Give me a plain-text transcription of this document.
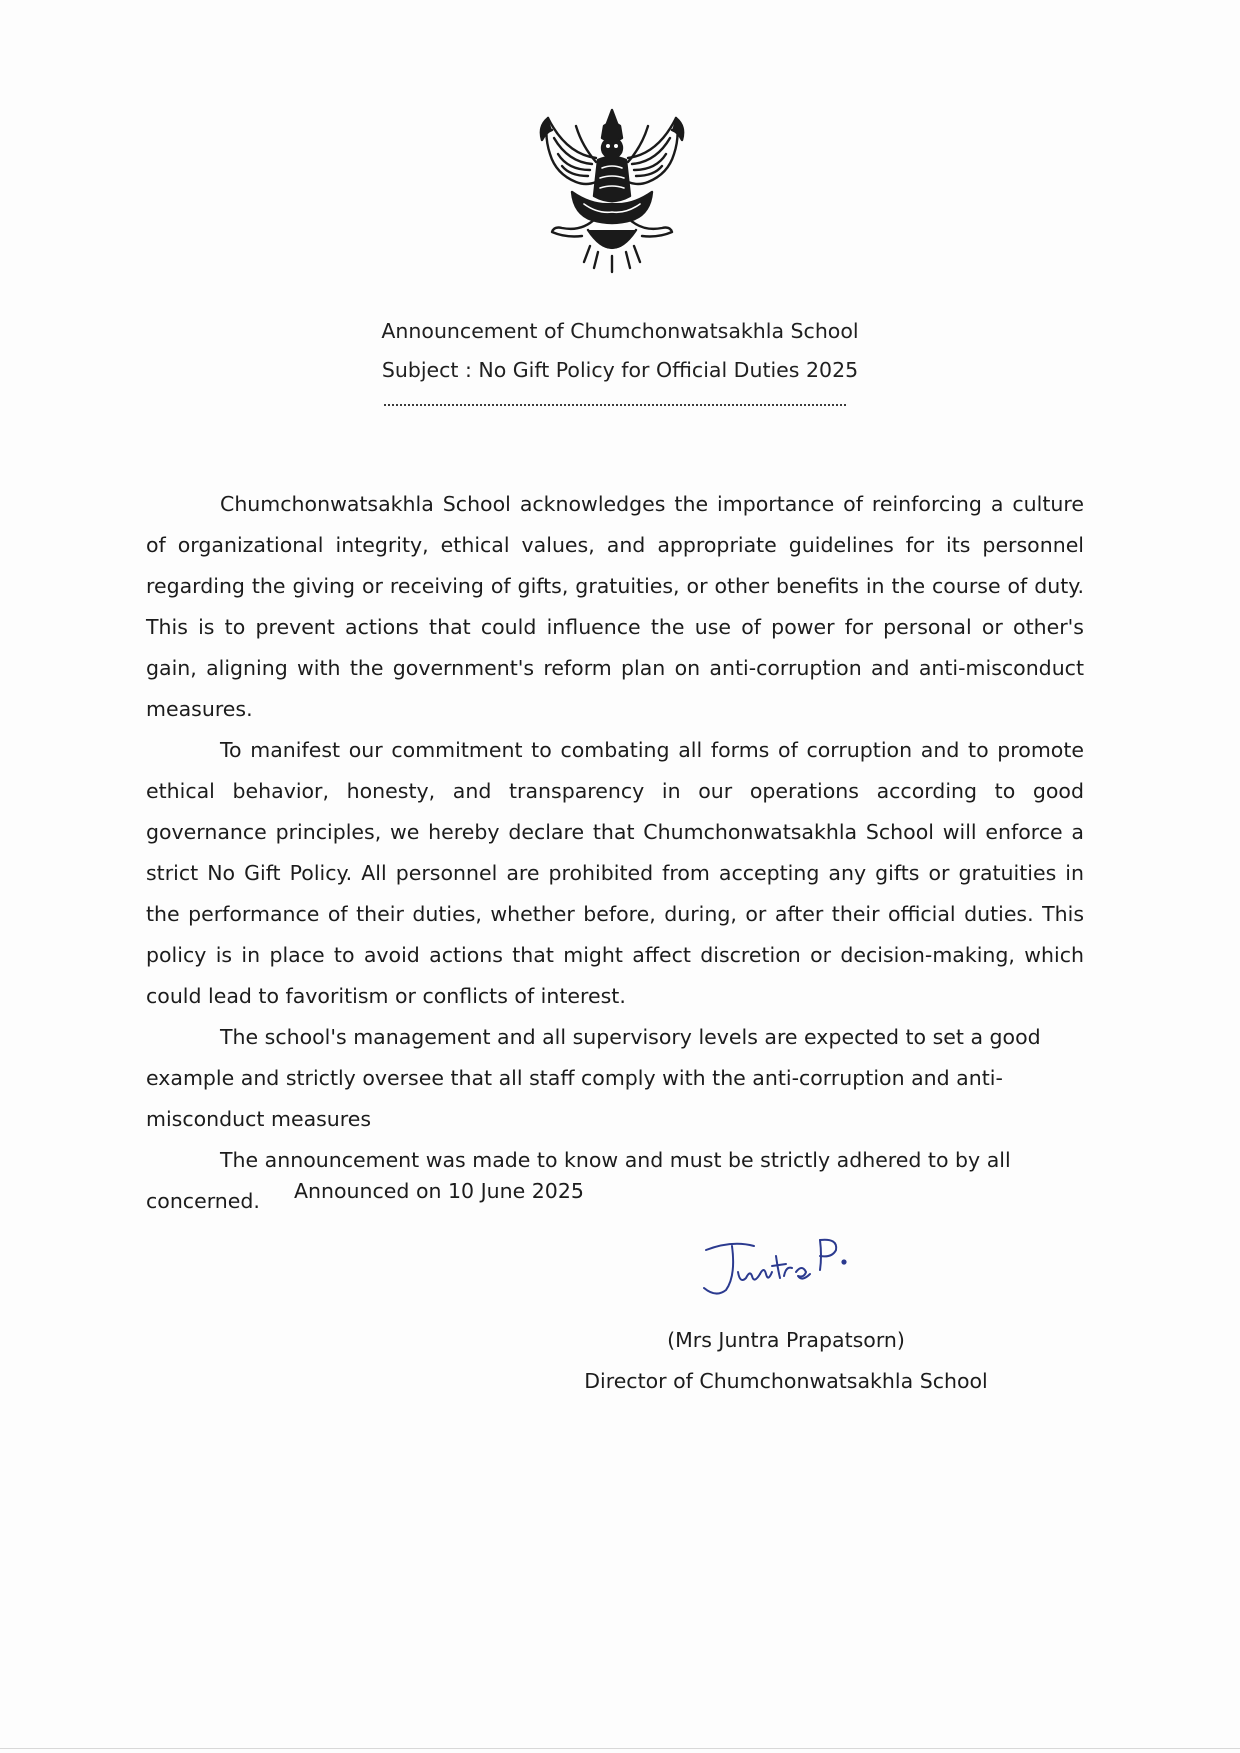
Announcement of Chumchonwatsakhla School
Subject : No Gift Policy for Official Duties 2025

Chumchonwatsakhla School acknowledges the importance of reinforcing a culture of organizational integrity, ethical values, and appropriate guidelines for its personnel regarding the giving or receiving of gifts, gratuities, or other benefits in the course of duty. This is to prevent actions that could influence the use of power for personal or other's gain, aligning with the government's reform plan on anti-corruption and anti-misconduct measures.

To manifest our commitment to combating all forms of corruption and to promote ethical behavior, honesty, and transparency in our operations according to good governance principles, we hereby declare that Chumchonwatsakhla School will enforce a strict No Gift Policy. All personnel are prohibited from accepting any gifts or gratuities in the performance of their duties, whether before, during, or after their official duties. This policy is in place to avoid actions that might affect discretion or decision-making, which could lead to favoritism or conflicts of interest.

The school's management and all supervisory levels are expected to set a good example and strictly oversee that all staff comply with the anti-corruption and anti-misconduct measures

The announcement was made to know and must be strictly adhered to by all concerned.	Announced on 10 June 2025
(Mrs Juntra Prapatsorn)
Director of Chumchonwatsakhla School
